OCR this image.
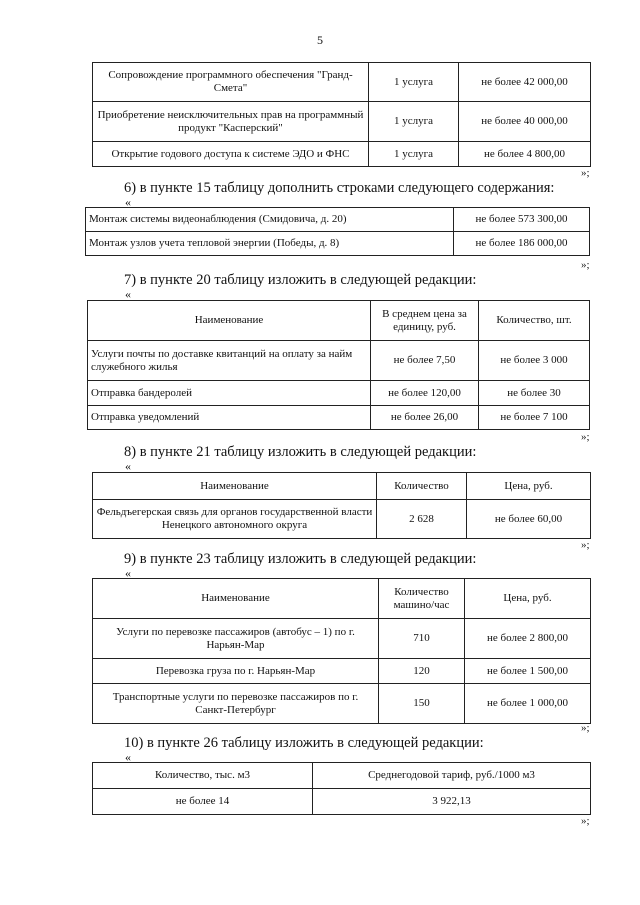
5
Сопровождение программного обеспечения "Гранд-Смета"	1 услуга	не более 42 000,00
Приобретение неисключительных прав на программный продукт "Касперский"	1 услуга	не более 40 000,00
Открытие годового доступа к системе ЭДО и ФНС	1 услуга	не более 4 800,00
»;
6) в пункте 15 таблицу дополнить строками следующего содержания:
«
Монтаж системы видеонаблюдения (Смидовича, д. 20)	не более 573 300,00
Монтаж узлов учета тепловой энергии (Победы, д. 8)	не более 186 000,00
»;
7) в пункте 20 таблицу изложить в следующей редакции:
«
Наименование	В среднем цена за единицу, руб.	Количество, шт.
Услуги почты по доставке квитанций на оплату за найм служебного жилья	не более 7,50	не более 3 000
Отправка бандеролей	не более 120,00	не более 30
Отправка уведомлений	не более 26,00	не более 7 100
»;
8) в пункте 21 таблицу изложить в следующей редакции:
«
Наименование	Количество	Цена, руб.
Фельдъегерская связь для органов государственной власти Ненецкого автономного округа	2 628	не более 60,00
»;
9) в пункте 23 таблицу изложить в следующей редакции:
«
Наименование	Количество машино/час	Цена, руб.
Услуги по перевозке пассажиров (автобус – 1) по г. Нарьян-Мар	710	не более 2 800,00
Перевозка груза по г. Нарьян-Мар	120	не более 1 500,00
Транспортные услуги по перевозке пассажиров по г. Санкт-Петербург	150	не более 1 000,00
»;
10) в пункте 26 таблицу изложить в следующей редакции:
«
Количество, тыс. м3	Среднегодовой тариф, руб./1000 м3
не более 14	3 922,13
»;
